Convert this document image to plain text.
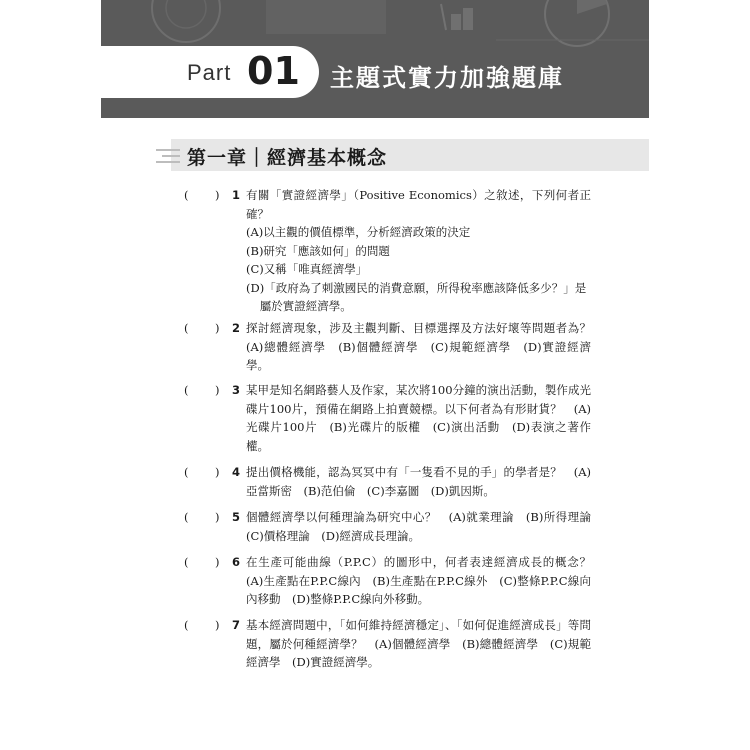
Part 01 主題式實力加強題庫
第一章｜經濟基本概念
( ) 1 有關「實證經濟學」（Positive Economics）之敘述，下列何者正確？
(A)以主觀的價值標準，分析經濟政策的決定
(B)研究「應該如何」的問題
(C)又稱「唯真經濟學」
(D)「政府為了刺激國民的消費意願，所得稅率應該降低多少？」是屬於實證經濟學。
( ) 2 探討經濟現象，涉及主觀判斷、目標選擇及方法好壞等問題者為？　(A)總體經濟學　(B)個體經濟學　(C)規範經濟學　(D)實證經濟學。
( ) 3 某甲是知名網路藝人及作家，某次將100分鐘的演出活動，製作成光碟片100片，預備在網路上拍賣競標。以下何者為有形財貨？　(A)光碟片100片　(B)光碟片的版權　(C)演出活動　(D)表演之著作權。
( ) 4 提出價格機能，認為冥冥中有「一隻看不見的手」的學者是？　(A)亞當斯密　(B)范伯倫　(C)李嘉圖　(D)凱因斯。
( ) 5 個體經濟學以何種理論為研究中心？　(A)就業理論　(B)所得理論　(C)價格理論　(D)經濟成長理論。
( ) 6 在生產可能曲線（P.P.C）的圖形中，何者表達經濟成長的概念？　(A)生產點在P.P.C線內　(B)生產點在P.P.C線外　(C)整條P.P.C線向內移動　(D)整條P.P.C線向外移動。
( ) 7 基本經濟問題中，「如何維持經濟穩定」、「如何促進經濟成長」等問題，屬於何種經濟學？　(A)個體經濟學　(B)總體經濟學　(C)規範經濟學　(D)實證經濟學。
